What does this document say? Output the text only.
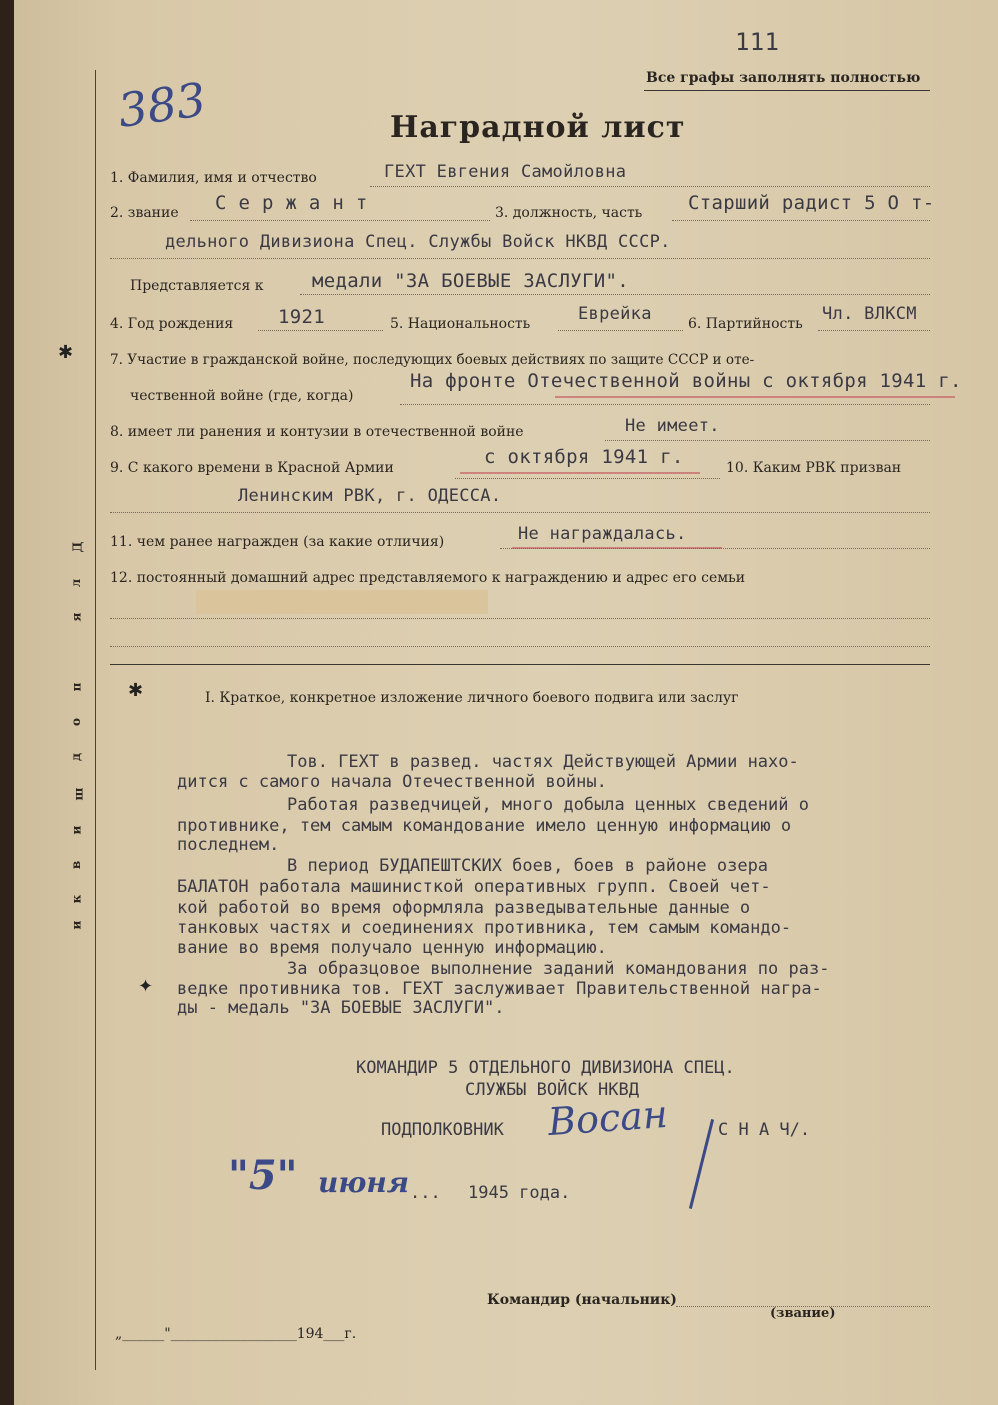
Д
л
я

п
о
д
ш
и
в
к
и
111
Все графы заполнять полностью
383	Наградной лист
1. Фамилия, имя и отчество	ГЕХТ Евгения Самойловна
2. звание С е р ж а н т	3. должность, часть Старший радист 5 О т-
дельного Дивизиона Спец. Службы Войск НКВД СССР.
Представляется к	медали "ЗА БОЕВЫЕ ЗАСЛУГИ".
4. Год рождения 1921	5. Национальность	Еврейка	6. Партийность Чл. ВЛКСМ
✱	7. Участие в гражданской войне, последующих боевых действиях по защите СССР и оте-
чественной войне (где, когда)
На фронте Отечественной войны с октября 1941 г.
8. имеет ли ранения и контузии в отечественной войне	Не имеет.
9. С какого времени в Красной Армии	с октября 1941 г.	10. Каким РВК призван
Ленинским РВК, г. ОДЕССА.
11. чем ранее награжден (за какие отличия)	Не награждалась.
12. постоянный домашний адрес представляемого к награждению и адрес его семьи
✱	I. Краткое, конкретное изложение личного боевого подвига или заслуг
Тов. ГЕХТ в развед. частях Действующей Армии нахо-
дится с самого начала Отечественной войны.
Работая разведчицей, много добыла ценных сведений о
противнике, тем самым командование имело ценную информацию о
последнем.
В период БУДАПЕШТСКИХ боев, боев в районе озера
БАЛАТОН работала машинисткой оперативных групп. Своей чет-
кой работой во время оформляла разведывательные данные о
танковых частях и соединениях противника, тем самым командо-
вание во время получало ценную информацию.
За образцовое выполнение заданий командования по раз-
ведке противника тов. ГЕХТ заслуживает Правительственной награ-
ды - медаль "ЗА БОЕВЫЕ ЗАСЛУГИ".
✦
КОМАНДИР 5 ОТДЕЛЬНОГО ДИВИЗИОНА СПЕЦ.
СЛУЖБЫ ВОЙСК НКВД
ПОДПОЛКОВНИК Восан	С Н А Ч/.
"5" июня ... 1945 года.
Командир (начальник)
(звание)
„______"__________________194___г.
